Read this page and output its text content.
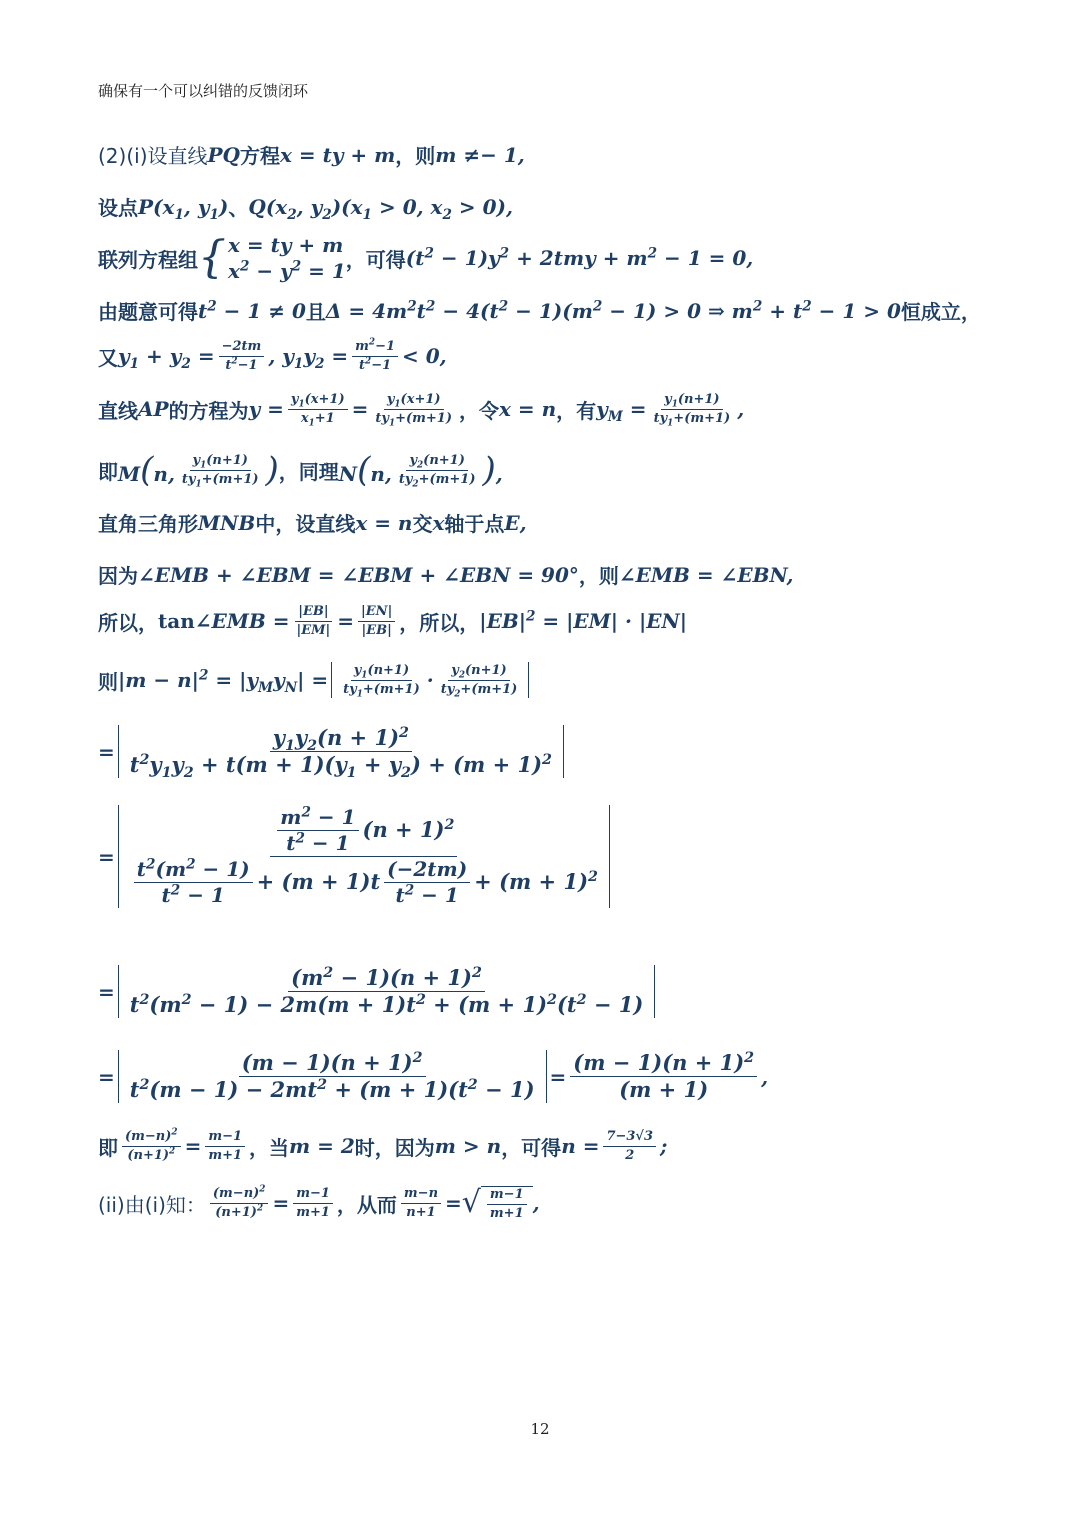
确保有一个可以纠错的反馈闭环
(2)(i)设直线 PQ 方程 x = ty + m ，则 m ≠− 1,
设点 $P(x_1$, $y_1$) 、 $Q(x_2$, $y_2)(x_1 > 0$, $x_2 > 0$),
联列方程组 { x = ty + m
$x^2 - y^2 = 1$ ，可得 $(t^2 - 1)y^2 + 2tmy + m^2 - 1 = 0$,
由题意可得 $t^2 - 1 \ne 0$ 且 $\Delta = 4m^2t^2 - 4(t^2 - 1)(m^2 - 1) > 0$ ⇒ $m^2 + t^2 - 1 > 0$ 恒成立，
又 $y_1 + y_2 = \frac{-2tm}{t^2-1}$ , $y_1y_2 = \frac{m^2-1}{t^2-1} < 0$,
直线 AP 的方程为 $y = \frac{y_1(x+1)}{x_1+1} = \frac{y_1(x+1)}{ty_1+(m+1)}$ ，令 x = n ，有 $y_M = \frac{y_1(n+1)}{ty_1+(m+1)}$ ,
即 M(n, $\frac{y_1(n+1)}{ty_1+(m+1)}$ ) ，同理 N(n, $\frac{y_2(n+1)}{ty_2+(m+1)}$ ),
直角三角形 MNB 中，设直线 x = n 交 x 轴于点 E,
因为 ∠EMB + ∠EBM = ∠EBM + ∠EBN = 90° ，则 ∠EMB = ∠EBN,
所以， tan ∠EMB = $\frac{|EB|}{|EM|} = \frac{|EN|}{|EB|}$ ，所以， $|EB|^2 = |EM| \cdot |EN|$
则 $|m - n|^2 = |y_My_N| = \frac{y_1(n+1)}{ty_1+(m+1)} \cdot \frac{y_2(n+1)}{ty_2+(m+1)}$
= $\frac{y_1y_2(n + 1)^2}{t^2y_1y_2 + t(m + 1)(y_1 + y_2) + (m + 1)^2}$
=
$\frac{m^2 - 1}{t^2 - 1} (n + 1)^2$
$\frac{t^2(m^2 - 1)}{t^2 - 1} + (m + 1)t \frac{(-2tm)}{t^2 - 1} + (m + 1)^2$
= $\frac{(m^2 - 1)(n + 1)^2}{t^2(m^2 - 1) - 2m(m + 1)t^2 + (m + 1)^2(t^2 - 1)}$
= $\frac{(m - 1)(n + 1)^2}{t^2(m - 1) - 2mt^2 + (m + 1)(t^2 - 1)} = \frac{(m - 1)(n + 1)^2}{(m + 1)}$ ,
即 $\frac{(m-n)^2}{(n+1)^2} = \frac{m-1}{m+1}$ ，当 m = 2 时，因为 m > n ，可得 $n = \frac{7-3√3}{2}$ ;
(ii)由(i)知： $\frac{(m-n)^2}{(n+1)^2} = \frac{m-1}{m+1}$ ，从而 $\frac{m-n}{n+1}$ = √ $\frac{m-1}{m+1}$ ,
12
